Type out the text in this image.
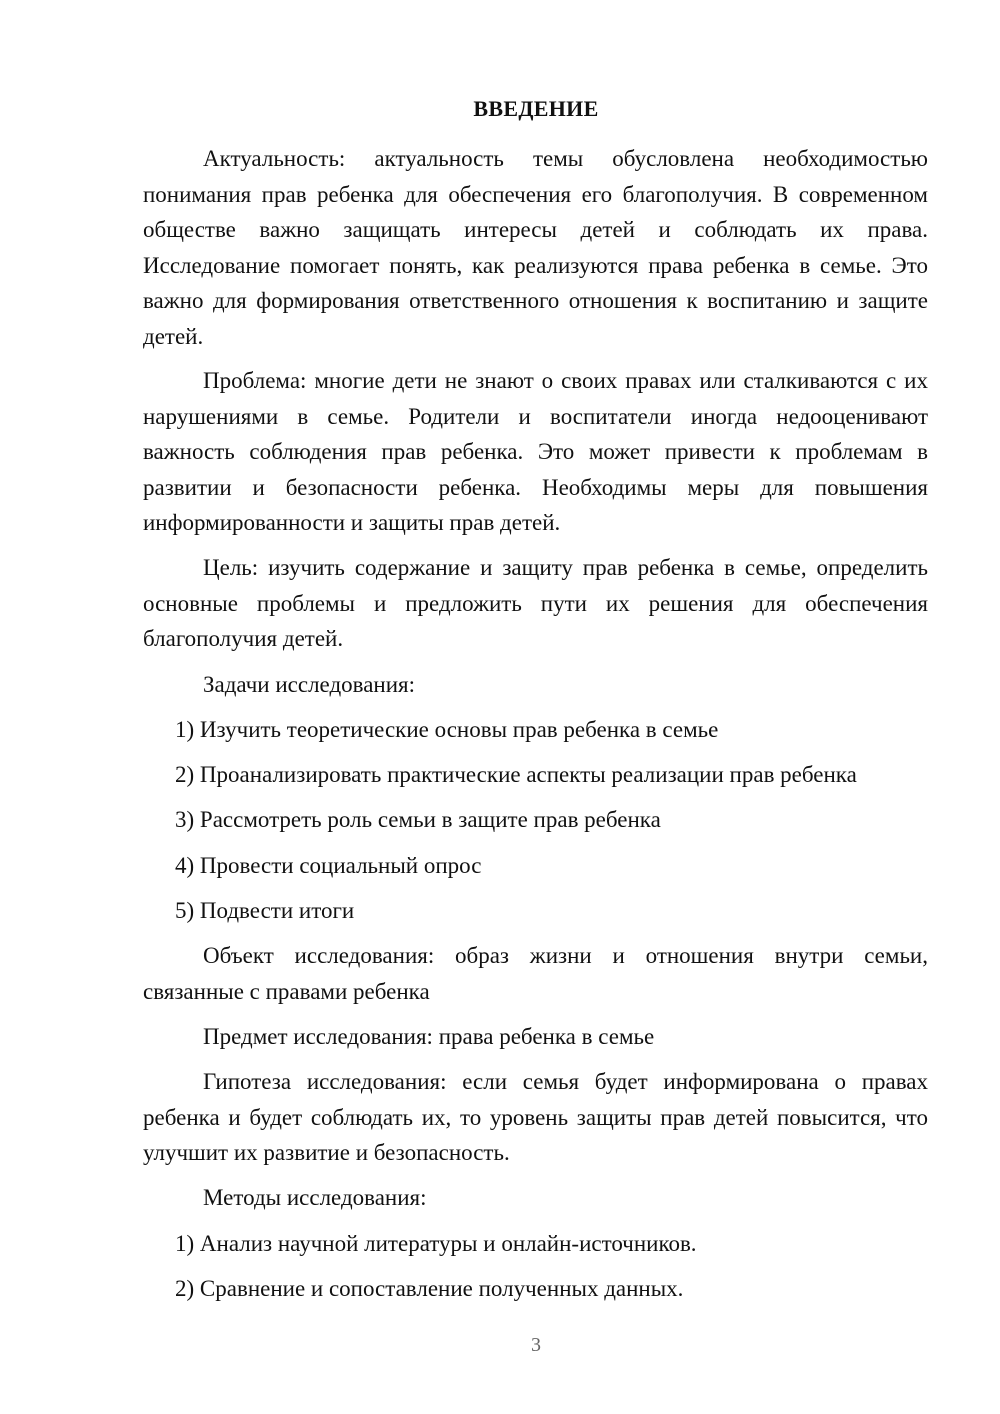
ВВЕДЕНИЕ

Актуальность: актуальность темы обусловлена необходимостью понимания прав ребенка для обеспечения его благополучия. В современном обществе важно защищать интересы детей и соблюдать их права. Исследование помогает понять, как реализуются права ребенка в семье. Это важно для формирования ответственного отношения к воспитанию и защите детей.

Проблема: многие дети не знают о своих правах или сталкиваются с их нарушениями в семье. Родители и воспитатели иногда недооценивают важность соблюдения прав ребенка. Это может привести к проблемам в развитии и безопасности ребенка. Необходимы меры для повышения информированности и защиты прав детей.

Цель: изучить содержание и защиту прав ребенка в семье, определить основные проблемы и предложить пути их решения для обеспечения благополучия детей.

Задачи исследования:

1) Изучить теоретические основы прав ребенка в семье
2) Проанализировать практические аспекты реализации прав ребенка
3) Рассмотреть роль семьи в защите прав ребенка
4) Провести социальный опрос
5) Подвести итоги

Объект исследования: образ жизни и отношения внутри семьи, связанные с правами ребенка

Предмет исследования: права ребенка в семье

Гипотеза исследования: если семья будет информирована о правах ребенка и будет соблюдать их, то уровень защиты прав детей повысится, что улучшит их развитие и безопасность.

Методы исследования:

1) Анализ научной литературы и онлайн-источников.
2) Сравнение и сопоставление полученных данных.
3
